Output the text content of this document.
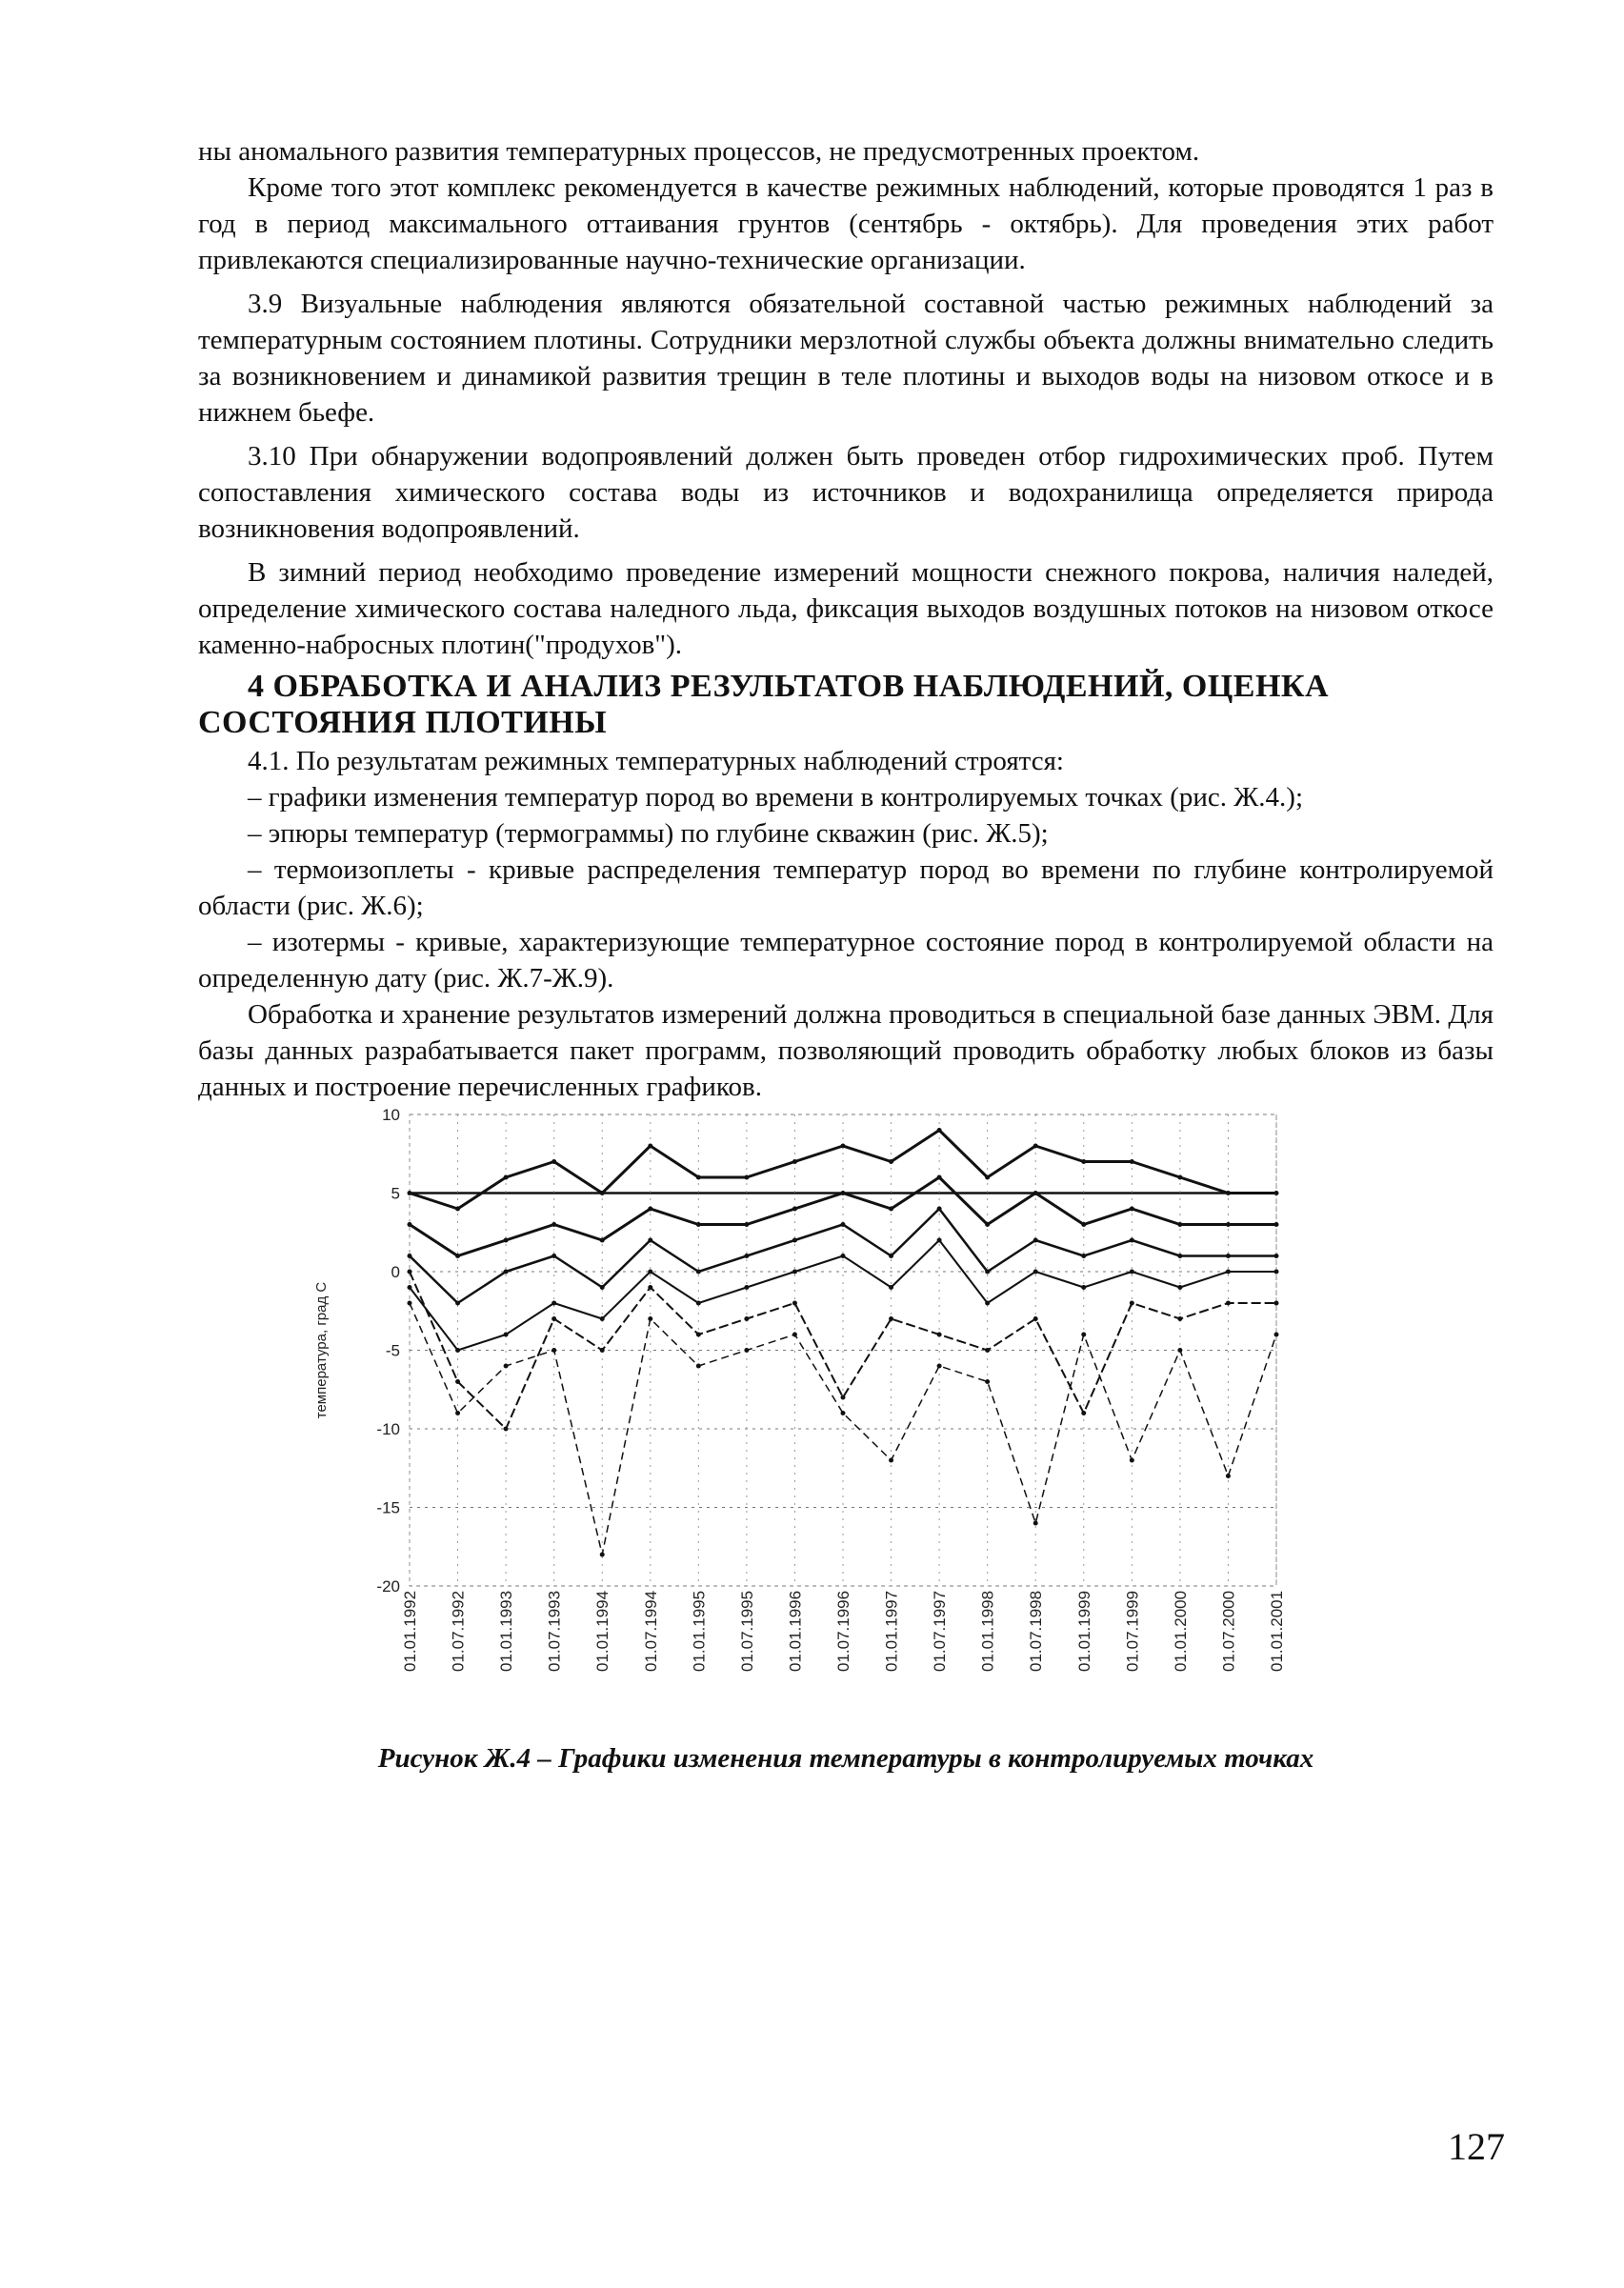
ны аномального развития температурных процессов, не предусмотренных проектом.

Кроме того этот комплекс рекомендуется в качестве режимных наблюдений, которые проводятся 1 раз в год в период максимального оттаивания грунтов (сентябрь - октябрь). Для проведения этих работ привлекаются специализированные научно-технические организации.

3.9 Визуальные наблюдения являются обязательной составной частью режимных наблюдений за температурным состоянием плотины. Сотрудники мерзлотной службы объекта должны внимательно следить за возникновением и динамикой развития трещин в теле плотины и выходов воды на низовом откосе и в нижнем бьефе.

3.10 При обнаружении водопроявлений должен быть проведен отбор гидрохимических проб. Путем сопоставления химического состава воды из источников и водохранилища определяется природа возникновения водопроявлений.

В зимний период необходимо проведение измерений мощности снежного покрова, наличия наледей, определение химического состава наледного льда, фиксация выходов воздушных потоков на низовом откосе каменно-набросных плотин("продухов").

4 ОБРАБОТКА И АНАЛИЗ РЕЗУЛЬТАТОВ НАБЛЮДЕНИЙ, ОЦЕНКА СОСТОЯНИЯ ПЛОТИНЫ

4.1. По результатам режимных температурных наблюдений строятся:

– графики изменения температур пород во времени в контролируемых точках (рис. Ж.4.);

– эпюры температур (термограммы) по глубине скважин (рис. Ж.5);

– термоизоплеты - кривые распределения температур пород во времени по глубине контролируемой области (рис. Ж.6);

– изотермы - кривые, характеризующие температурное состояние пород в контролируемой области на определенную дату (рис. Ж.7-Ж.9).

Обработка и хранение результатов измерений должна проводиться в специальной базе данных ЭВМ. Для базы данных разрабатывается пакет программ, позволяющий проводить обработку любых блоков из базы данных и построение перечисленных графиков.

10
5
0
-5
-10
-15
-20
01.01.1992 01.07.1992 01.01.1993 01.07.1993 01.01.1994 01.07.1994 01.01.1995 01.07.1995 01.01.1996 01.07.1996 01.01.1997 01.07.1997 01.01.1998 01.07.1998 01.01.1999 01.07.1999 01.01.2000 01.07.2000 01.01.2001
температура, град С
Рисунок Ж.4 – Графики изменения температуры в контролируемых точках
127
